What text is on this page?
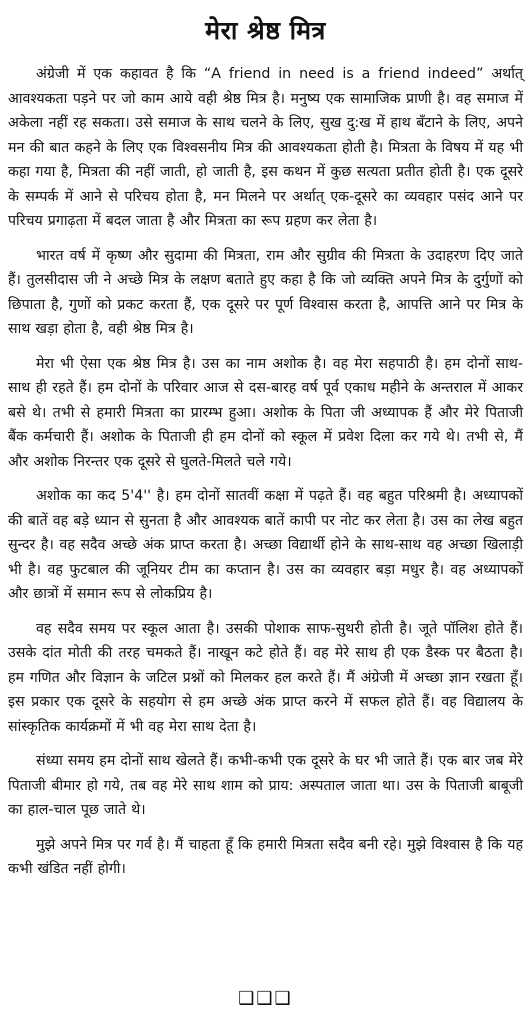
मेरा श्रेष्ठ मित्र

अंग्रेजी में एक कहावत है कि “A friend in need is a friend indeed” अर्थात् आवश्यकता पड़ने पर जो काम आये वही श्रेष्ठ मित्र है। मनुष्य एक सामाजिक प्राणी है। वह समाज में अकेला नहीं रह सकता। उसे समाज के साथ चलने के लिए, सुख दु:ख में हाथ बँटाने के लिए, अपने मन की बात कहने के लिए एक विश्वसनीय मित्र की आवश्यकता होती है। मित्रता के विषय में यह भी कहा गया है, मित्रता की नहीं जाती, हो जाती है, इस कथन में कुछ सत्यता प्रतीत होती है। एक दूसरे के सम्पर्क में आने से परिचय होता है, मन मिलने पर अर्थात् एक-दूसरे का व्यवहार पसंद आने पर परिचय प्रगाढ़ता में बदल जाता है और मित्रता का रूप ग्रहण कर लेता है।

भारत वर्ष में कृष्ण और सुदामा की मित्रता, राम और सुग्रीव की मित्रता के उदाहरण दिए जाते हैं। तुलसीदास जी ने अच्छे मित्र के लक्षण बताते हुए कहा है कि जो व्यक्ति अपने मित्र के दुर्गुणों को छिपाता है, गुणों को प्रकट करता हैं, एक दूसरे पर पूर्ण विश्वास करता है, आपत्ति आने पर मित्र के साथ खड़ा होता है, वही श्रेष्ठ मित्र है।

मेरा भी ऐसा एक श्रेष्ठ मित्र है। उस का नाम अशोक है। वह मेरा सहपाठी है। हम दोनों साथ-साथ ही रहते हैं। हम दोनों के परिवार आज से दस-बारह वर्ष पूर्व एकाध महीने के अन्तराल में आकर बसे थे। तभी से हमारी मित्रता का प्रारम्भ हुआ। अशोक के पिता जी अध्यापक हैं और मेरे पिताजी बैंक कर्मचारी हैं। अशोक के पिताजी ही हम दोनों को स्कूल में प्रवेश दिला कर गये थे। तभी से, मैं और अशोक निरन्तर एक दूसरे से घुलते-मिलते चले गये।

अशोक का कद 5'4'' है। हम दोनों सातवीं कक्षा में पढ़ते हैं। वह बहुत परिश्रमी है। अध्यापकों की बातें वह बड़े ध्यान से सुनता है और आवश्यक बातें कापी पर नोट कर लेता है। उस का लेख बहुत सुन्दर है। वह सदैव अच्छे अंक प्राप्त करता है। अच्छा विद्यार्थी होने के साथ-साथ वह अच्छा खिलाड़ी भी है। वह फुटबाल की जूनियर टीम का कप्तान है। उस का व्यवहार बड़ा मधुर है। वह अध्यापकों और छात्रों में समान रूप से लोकप्रिय है।

वह सदैव समय पर स्कूल आता है। उसकी पोशाक साफ-सुथरी होती है। जूते पॉलिश होते हैं। उसके दांत मोती की तरह चमकते हैं। नाखून कटे होते हैं। वह मेरे साथ ही एक डैस्क पर बैठता है। हम गणित और विज्ञान के जटिल प्रश्नों को मिलकर हल करते हैं। मैं अंग्रेजी में अच्छा ज्ञान रखता हूँ। इस प्रकार एक दूसरे के सहयोग से हम अच्छे अंक प्राप्त करने में सफल होते हैं। वह विद्यालय के सांस्कृतिक कार्यक्रमों में भी वह मेरा साथ देता है।

संध्या समय हम दोनों साथ खेलते हैं। कभी-कभी एक दूसरे के घर भी जाते हैं। एक बार जब मेरे पिताजी बीमार हो गये, तब वह मेरे साथ शाम को प्राय: अस्पताल जाता था। उस के पिताजी बाबूजी का हाल-चाल पूछ जाते थे।

मुझे अपने मित्र पर गर्व है। मैं चाहता हूँ कि हमारी मित्रता सदैव बनी रहे। मुझे विश्वास है कि यह कभी खंडित नहीं होगी।

❑❑❑
